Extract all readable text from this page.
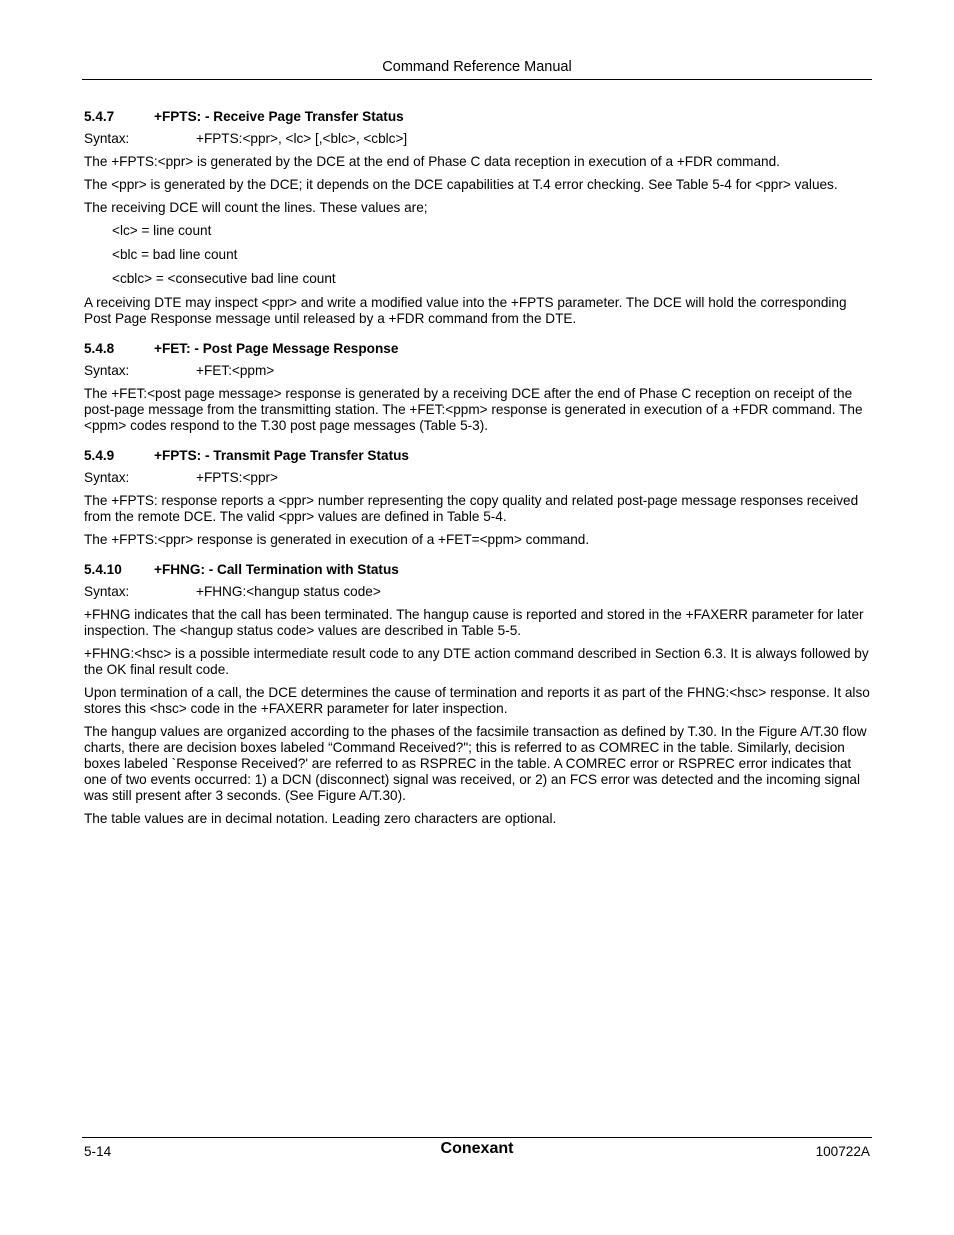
Command Reference Manual
5.4.7	+FPTS: - Receive Page Transfer Status
Syntax:	+FPTS:<ppr>, <lc> [,<blc>, <cblc>]

The +FPTS:<ppr> is generated by the DCE at the end of Phase C data reception in execution of a +FDR command.

The <ppr> is generated by the DCE; it depends on the DCE capabilities at T.4 error checking. See Table 5-4 for <ppr> values.

The receiving DCE will count the lines. These values are;

<lc> = line count
<blc = bad line count
<cblc> = <consecutive bad line count

A receiving DTE may inspect <ppr> and write a modified value into the +FPTS parameter. The DCE will hold the corresponding Post Page Response message until released by a +FDR command from the DTE.

5.4.8	+FET: - Post Page Message Response
Syntax:	+FET:<ppm>

The +FET:<post page message> response is generated by a receiving DCE after the end of Phase C reception on receipt of the post-page message from the transmitting station. The +FET:<ppm> response is generated in execution of a +FDR command. The <ppm> codes respond to the T.30 post page messages (Table 5-3).

5.4.9	+FPTS: - Transmit Page Transfer Status
Syntax:	+FPTS:<ppr>

The +FPTS: response reports a <ppr> number representing the copy quality and related post-page message responses received from the remote DCE. The valid <ppr> values are defined in Table 5-4.

The +FPTS:<ppr> response is generated in execution of a +FET=<ppm> command.

5.4.10	+FHNG: - Call Termination with Status
Syntax:	+FHNG:<hangup status code>

+FHNG indicates that the call has been terminated. The hangup cause is reported and stored in the +FAXERR parameter for later inspection. The <hangup status code> values are described in Table 5-5.

+FHNG:<hsc> is a possible intermediate result code to any DTE action command described in Section 6.3. It is always followed by the OK final result code.

Upon termination of a call, the DCE determines the cause of termination and reports it as part of the FHNG:<hsc> response. It also stores this <hsc> code in the +FAXERR parameter for later inspection.

The hangup values are organized according to the phases of the facsimile transaction as defined by T.30. In the Figure A/T.30 flow charts, there are decision boxes labeled “Command Received?"; this is referred to as COMREC in the table. Similarly, decision boxes labeled `Response Received?' are referred to as RSPREC in the table. A COMREC error or RSPREC error indicates that one of two events occurred: 1) a DCN (disconnect) signal was received, or 2) an FCS error was detected and the incoming signal was still present after 3 seconds. (See Figure A/T.30).

The table values are in decimal notation. Leading zero characters are optional.

5-14	Conexant	100722A
